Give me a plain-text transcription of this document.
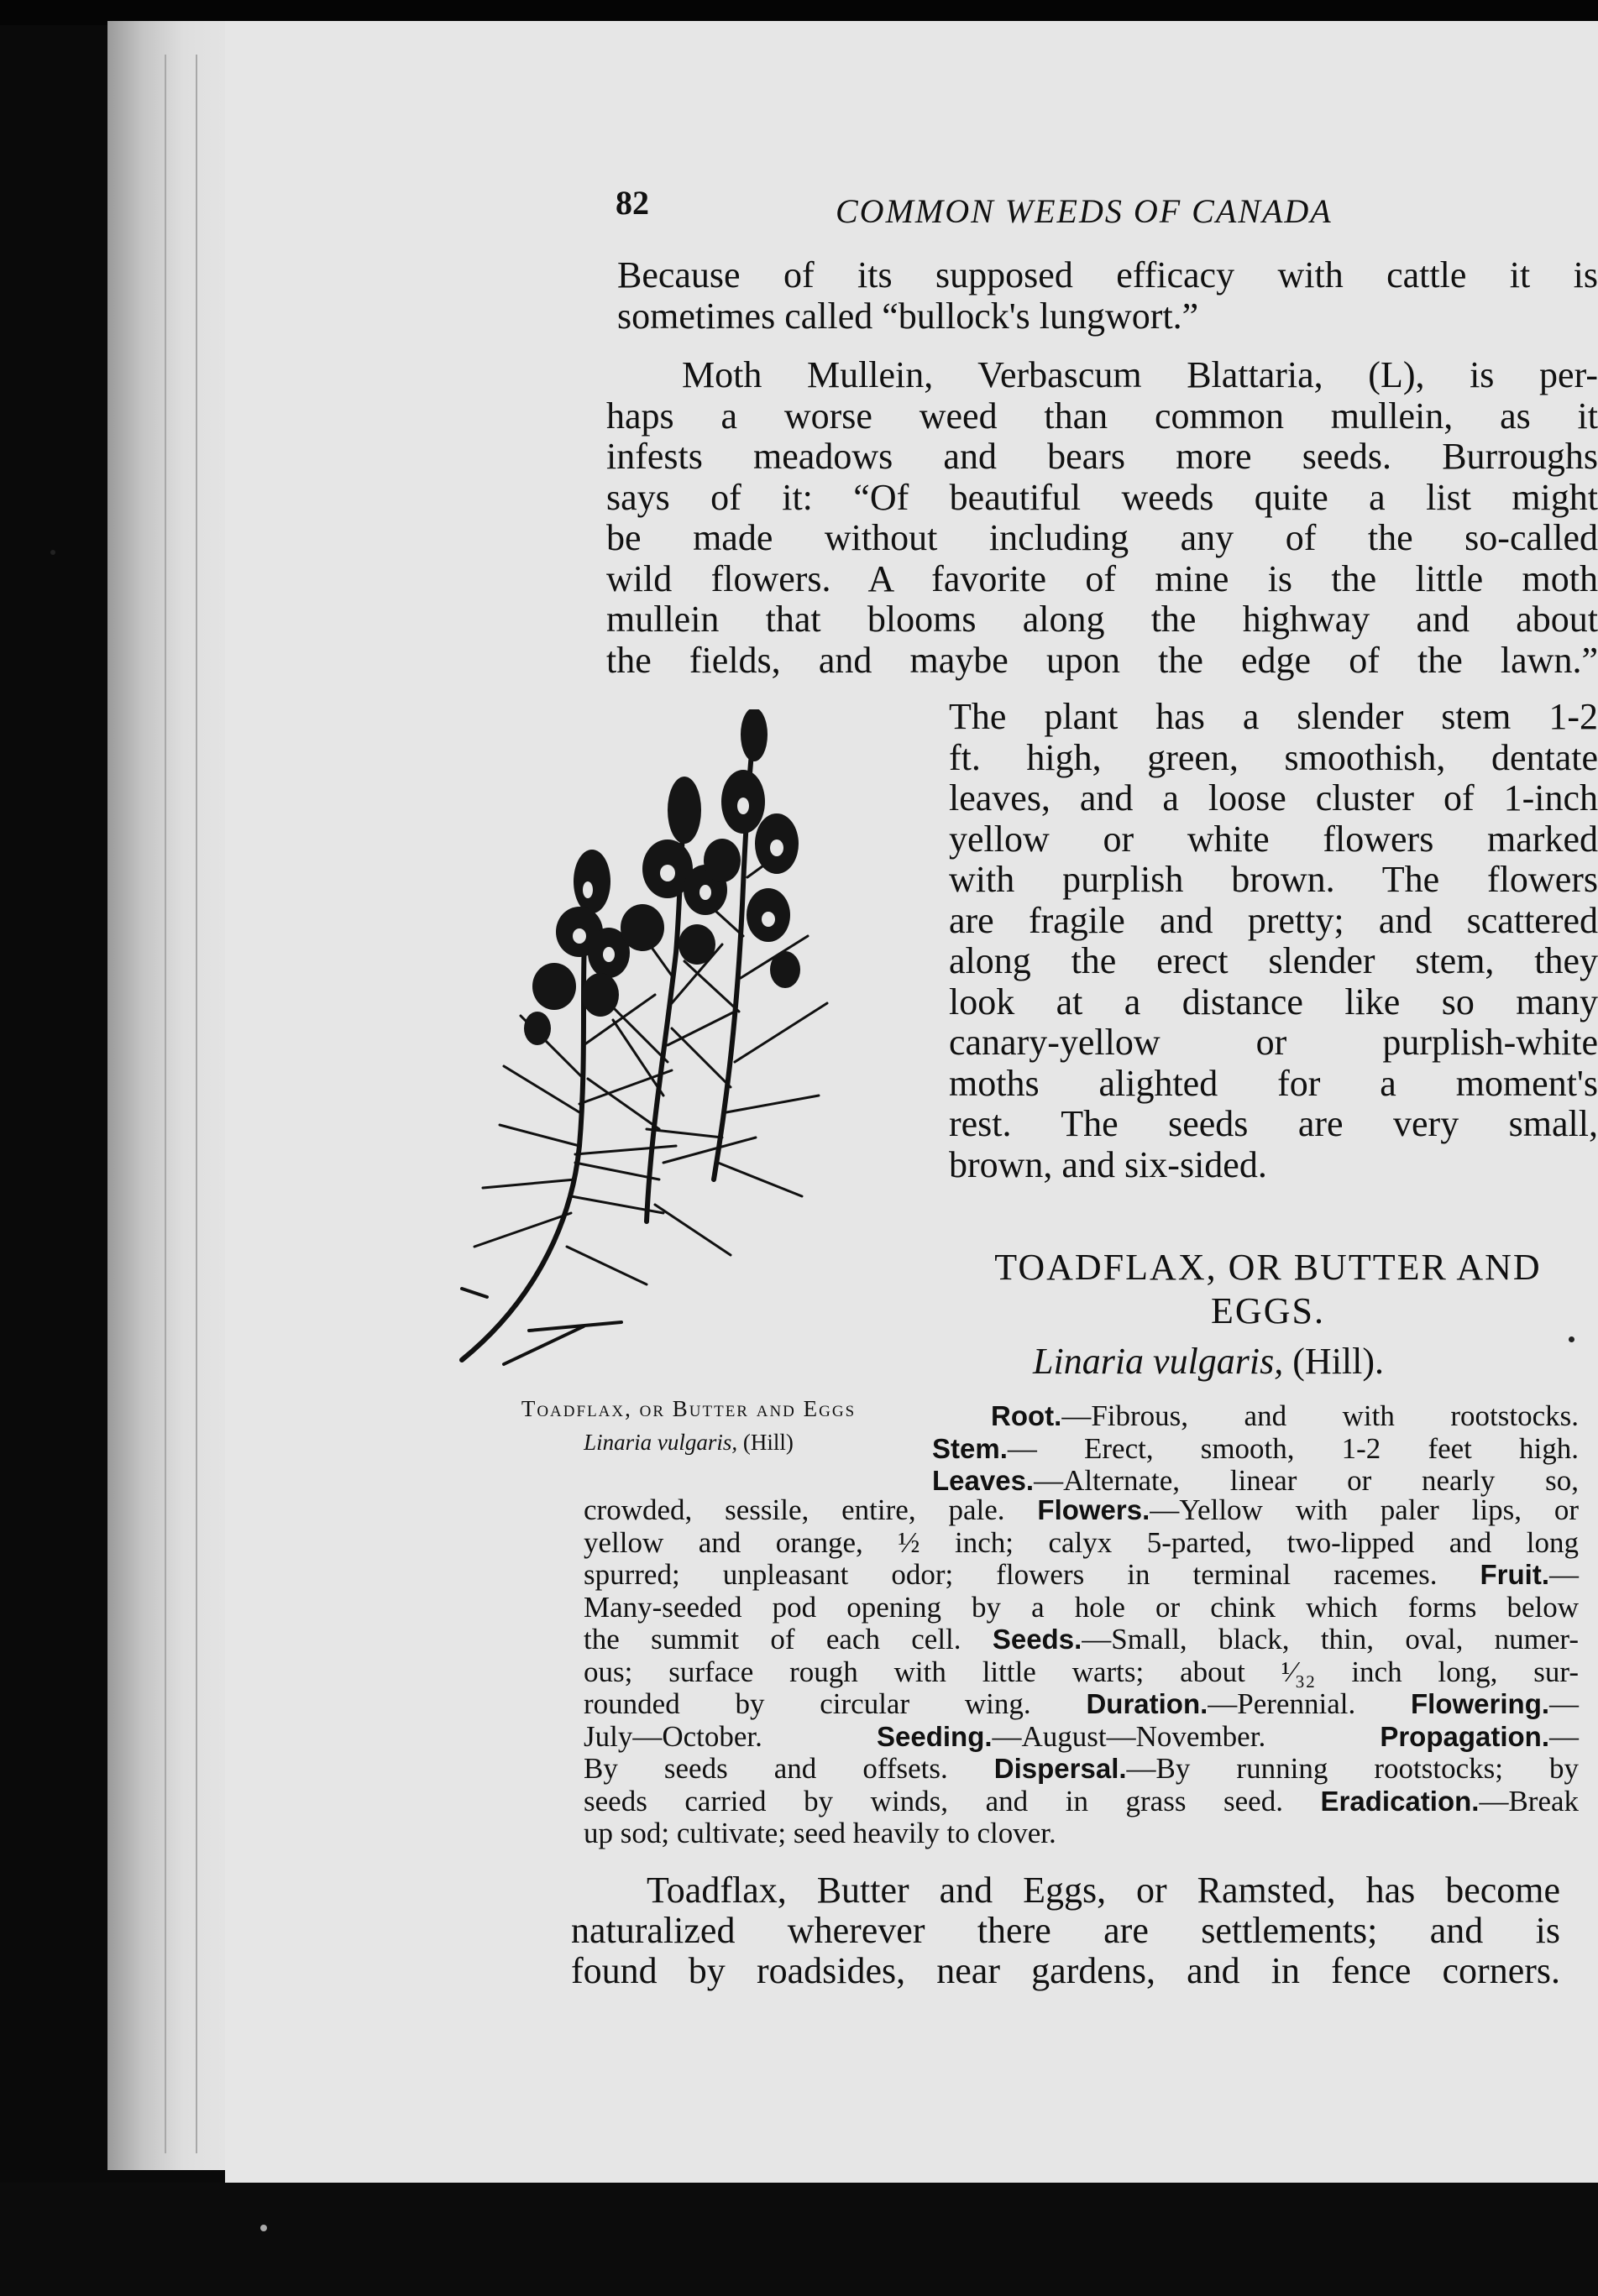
82	COMMON WEEDS OF CANADA
Because of its supposed efficacy with cattle it is
sometimes called “bullock's lungwort.”
Moth Mullein, Verbascum Blattaria, (L), is per-
haps a worse weed than common mullein, as it
infests meadows and bears more seeds. Burroughs
says of it: “Of beautiful weeds quite a list might
be made without including any of the so-called
wild flowers. A favorite of mine is the little moth
mullein that blooms along the highway and about
the fields, and maybe upon the edge of the lawn.”
The plant has a slender stem 1-2
ft. high, green, smoothish, dentate
leaves, and a loose cluster of 1-inch
yellow or white flowers marked
with purplish brown. The flowers
are fragile and pretty; and scattered
along the erect slender stem, they
look at a distance like so many
canary-yellow or purplish-white
moths alighted for a moment's
rest. The seeds are very small,
brown, and six-sided.
TOADFLAX, OR BUTTER AND
EGGS.
Linaria vulgaris, (Hill).
Toadflax, or Butter and Eggs
Linaria vulgaris, (Hill)
Root.—Fibrous, and with rootstocks.
Stem.— Erect, smooth, 1-2 feet high.
Leaves.—Alternate, linear or nearly so,
crowded, sessile, entire, pale. Flowers.—Yellow with paler lips, or
yellow and orange, ½ inch; calyx 5-parted, two-lipped and long
spurred; unpleasant odor; flowers in terminal racemes. Fruit.—
Many-seeded pod opening by a hole or chink which forms below
the summit of each cell. Seeds.—Small, black, thin, oval, numer-
ous; surface rough with little warts; about ¹⁄₃₂ inch long, sur-
rounded by circular wing. Duration.—Perennial. Flowering.—
July—October.	Seeding.—August—November.	Propagation.—
By seeds and offsets. Dispersal.—By running rootstocks; by
seeds carried by winds, and in grass seed. Eradication.—Break
up sod; cultivate; seed heavily to clover.
Toadflax, Butter and Eggs, or Ramsted, has become
naturalized wherever there are settlements; and is
found by roadsides, near gardens, and in fence corners.
